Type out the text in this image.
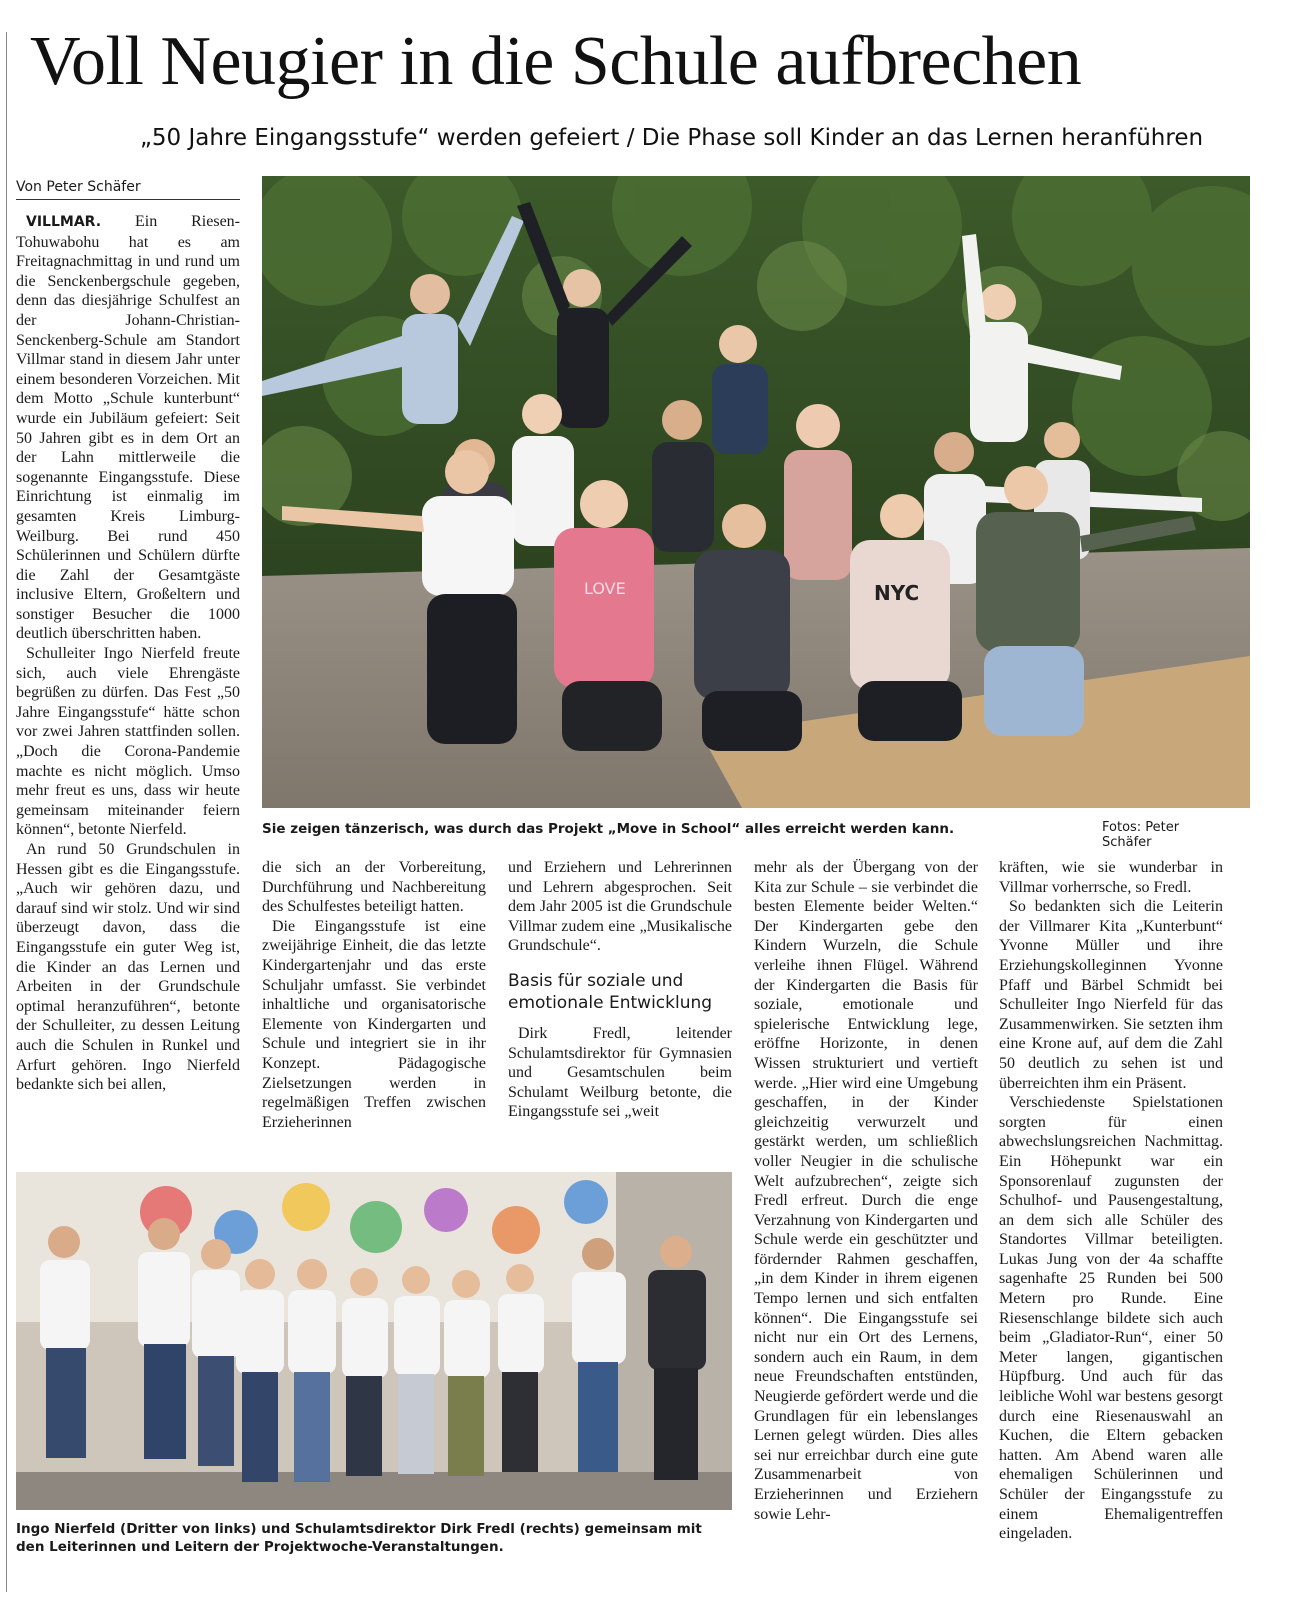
Voll Neugier in die Schule aufbrechen
„50 Jahre Eingangsstufe“ werden gefeiert / Die Phase soll Kinder an das Lernen heranführen
Von Peter Schäfer

VILLMAR. Ein Riesen-Tohuwabohu hat es am Freitagnachmittag in und rund um die Senckenbergschule gegeben, denn das diesjährige Schulfest an der Johann-Christian-Senckenberg-Schule am Standort Villmar stand in diesem Jahr unter einem besonderen Vorzeichen. Mit dem Motto „Schule kunterbunt“ wurde ein Jubiläum gefeiert: Seit 50 Jahren gibt es in dem Ort an der Lahn mittlerweile die sogenannte Eingangsstufe. Diese Einrichtung ist einmalig im gesamten Kreis Limburg-Weilburg. Bei rund 450 Schülerinnen und Schülern dürfte die Zahl der Gesamtgäste inclusive Eltern, Großeltern und sonstiger Besucher die 1000 deutlich überschritten haben.

Schulleiter Ingo Nierfeld freute sich, auch viele Ehrengäste begrüßen zu dürfen. Das Fest „50 Jahre Eingangsstufe“ hätte schon vor zwei Jahren stattfinden sollen. „Doch die Corona-Pandemie machte es nicht möglich. Umso mehr freut es uns, dass wir heute gemeinsam miteinander feiern können“, betonte Nierfeld.

An rund 50 Grundschulen in Hessen gibt es die Eingangsstufe. „Auch wir gehören dazu, und darauf sind wir stolz. Und wir sind überzeugt davon, dass die Eingangsstufe ein guter Weg ist, die Kinder an das Lernen und Arbeiten in der Grundschule optimal heranzuführen“, betonte der Schulleiter, zu dessen Leitung auch die Schulen in Runkel und Arfurt gehören. Ingo Nierfeld bedankte sich bei allen,

LOVE	NYC
Sie zeigen tänzerisch, was durch das Projekt „Move in School“ alles erreicht werden kann.	Fotos: Peter Schäfer

die sich an der Vorbereitung, Durchführung und Nachbereitung des Schulfestes beteiligt hatten.

Die Eingangsstufe ist eine zweijährige Einheit, die das letzte Kindergartenjahr und das erste Schuljahr umfasst. Sie verbindet inhaltliche und organisatorische Elemente von Kindergarten und Schule und integriert sie in ihr Konzept. Pädagogische Zielsetzungen werden in regelmäßigen Treffen zwischen Erzieherinnen

und Erziehern und Lehrerinnen und Lehrern abgesprochen. Seit dem Jahr 2005 ist die Grundschule Villmar zudem eine „Musikalische Grundschule“.

Basis für soziale und emotionale Entwicklung

Dirk Fredl, leitender Schulamtsdirektor für Gymnasien und Gesamtschulen beim Schulamt Weilburg betonte, die Eingangsstufe sei „weit

mehr als der Übergang von der Kita zur Schule – sie verbindet die besten Elemente beider Welten.“ Der Kindergarten gebe den Kindern Wurzeln, die Schule verleihe ihnen Flügel. Während der Kindergarten die Basis für soziale, emotionale und spielerische Entwicklung lege, eröffne Horizonte, in denen Wissen strukturiert und vertieft werde. „Hier wird eine Umgebung geschaffen, in der Kinder gleichzeitig verwurzelt und gestärkt werden, um schließlich voller Neugier in die schulische Welt aufzubrechen“, zeigte sich Fredl erfreut. Durch die enge Verzahnung von Kindergarten und Schule werde ein geschützter und fördernder Rahmen geschaffen, „in dem Kinder in ihrem eigenen Tempo lernen und sich entfalten können“. Die Eingangsstufe sei nicht nur ein Ort des Lernens, sondern auch ein Raum, in dem neue Freundschaften entstünden, Neugierde gefördert werde und die Grundlagen für ein lebenslanges Lernen gelegt würden. Dies alles sei nur erreichbar durch eine gute Zusammenarbeit von Erzieherinnen und Erziehern sowie Lehr-

kräften, wie sie wunderbar in Villmar vorherrsche, so Fredl.

So bedankten sich die Leiterin der Villmarer Kita „Kunterbunt“ Yvonne Müller und ihre Erziehungskolleginnen Yvonne Pfaff und Bärbel Schmidt bei Schulleiter Ingo Nierfeld für das Zusammenwirken. Sie setzten ihm eine Krone auf, auf dem die Zahl 50 deutlich zu sehen ist und überreichten ihm ein Präsent.

Verschiedenste Spielstationen sorgten für einen abwechslungsreichen Nachmittag. Ein Höhepunkt war ein Sponsorenlauf zugunsten der Schulhof- und Pausengestaltung, an dem sich alle Schüler des Standortes Villmar beteiligten. Lukas Jung von der 4a schaffte sagenhafte 25 Runden bei 500 Metern pro Runde. Eine Riesenschlange bildete sich auch beim „Gladiator-Run“, einer 50 Meter langen, gigantischen Hüpfburg. Und auch für das leibliche Wohl war bestens gesorgt durch eine Riesenauswahl an Kuchen, die Eltern gebacken hatten. Am Abend waren alle ehemaligen Schülerinnen und Schüler der Eingangsstufe zu einem Ehemaligentreffen eingeladen.

Ingo Nierfeld (Dritter von links) und Schulamtsdirektor Dirk Fredl (rechts) gemeinsam mit den Leiterinnen und Leitern der Projektwoche-Veranstaltungen.
